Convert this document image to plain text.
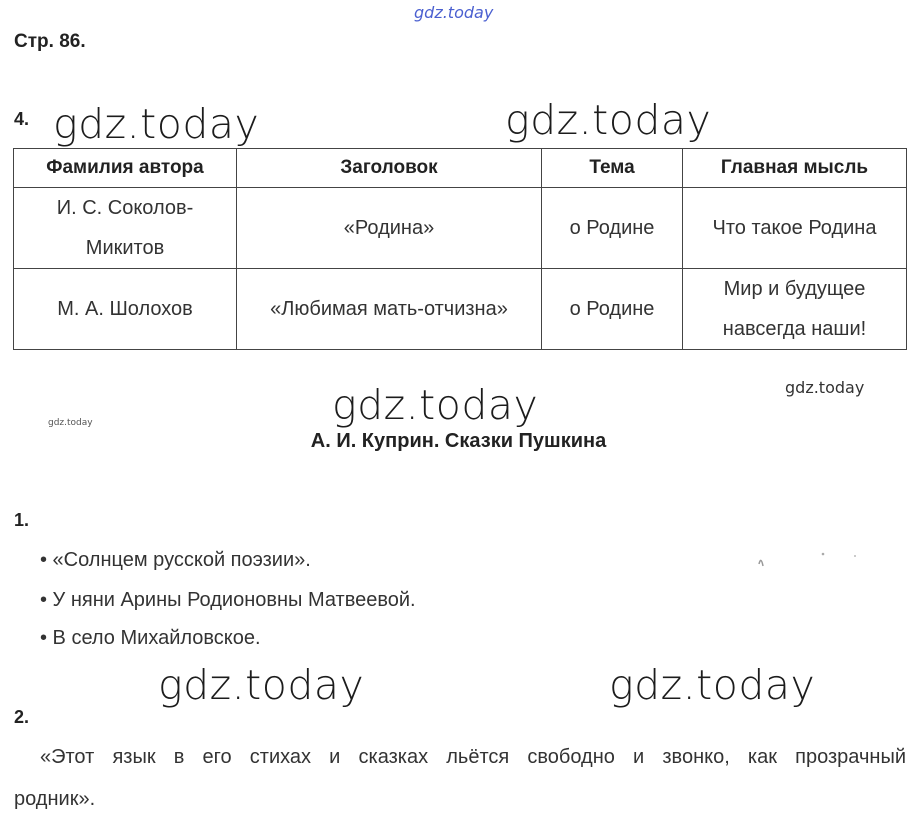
gdz.today
gdz.today	gdz.today
gdz.today
gdz.today	gdz.today
gdz.today
gdz.today
Стр. 86.
4.
Фамилия автора	Заголовок	Тема	Главная мысль

И. С. Соколов-
Микитов	«Родина»	о Родине	Что такое Родина

М. А. Шолохов	«Любимая мать-отчизна»	о Родине	Мир и будущее
навсегда наши!
А. И. Куприн. Сказки Пушкина
1.
• «Солнцем русской поэзии».
• У няни Арины Родионовны Матвеевой.
• В село Михайловское.
2.
«Этот язык в его стихах и сказках льётся свободно и звонко, как прозрачный
родник».
